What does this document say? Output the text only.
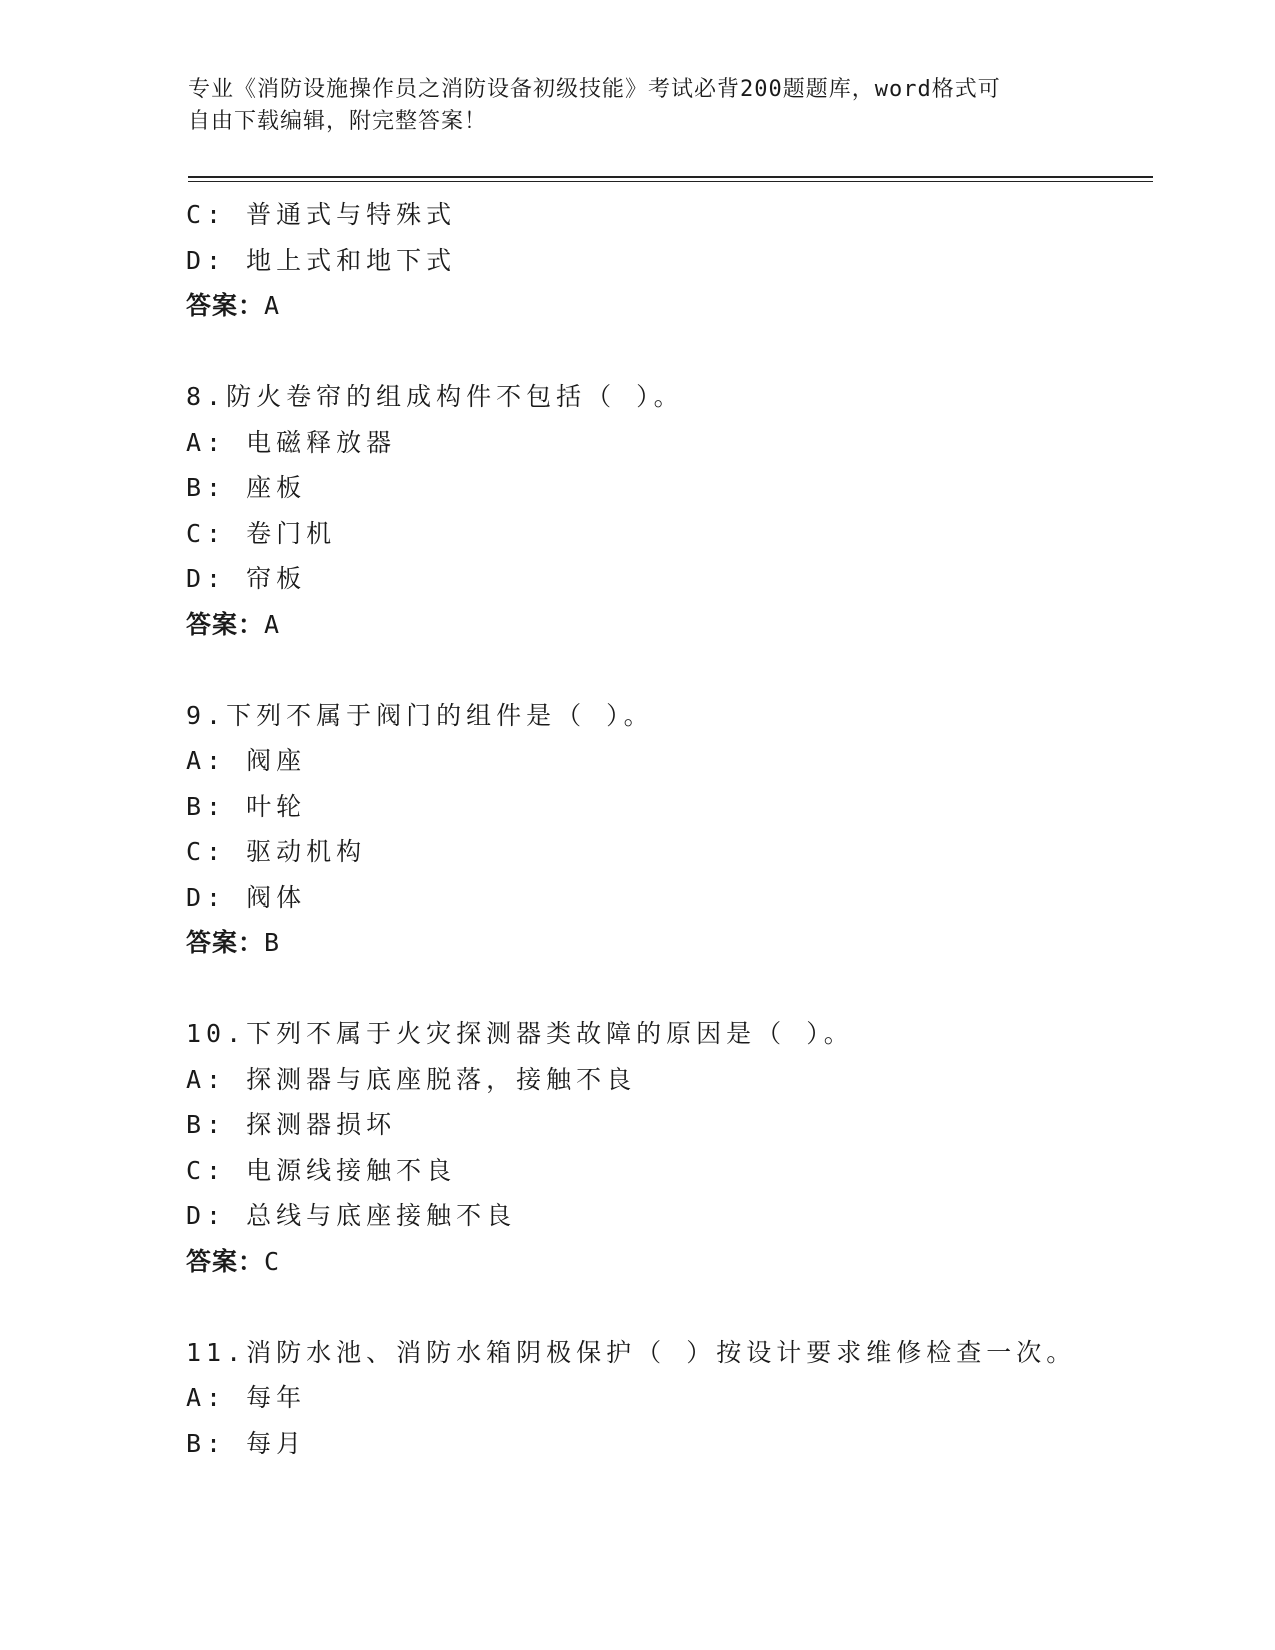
专业《消防设施操作员之消防设备初级技能》考试必背200题题库，word格式可
自由下载编辑，附完整答案！
C: 普通式与特殊式
D: 地上式和地下式
答案：A
8.防火卷帘的组成构件不包括（ ）。
A: 电磁释放器
B: 座板
C: 卷门机
D: 帘板
答案：A
9.下列不属于阀门的组件是（ ）。
A: 阀座
B: 叶轮
C: 驱动机构
D: 阀体
答案：B
10.下列不属于火灾探测器类故障的原因是（ ）。
A: 探测器与底座脱落，接触不良
B: 探测器损坏
C: 电源线接触不良
D: 总线与底座接触不良
答案：C
11.消防水池、消防水箱阴极保护（ ）按设计要求维修检查一次。
A: 每年
B: 每月
